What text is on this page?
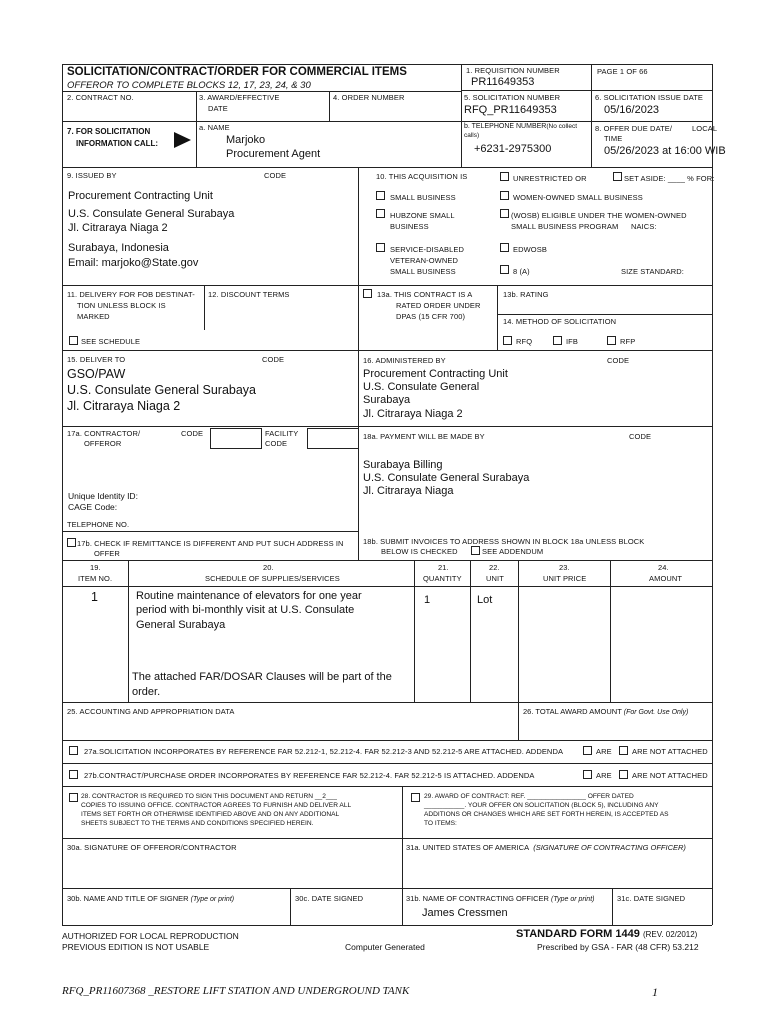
SOLICITATION/CONTRACT/ORDER FOR COMMERCIAL ITEMS
OFFEROR TO COMPLETE BLOCKS 12, 17, 23, 24, & 30
PAGE 1 OF 66
1. REQUISITION NUMBER
PR11649353
2. CONTRACT NO.	3. AWARD/EFFECTIVE
DATE
4. ORDER NUMBER	5. SOLICITATION NUMBER
RFQ_PR11649353
6. SOLICITATION ISSUE DATE
05/16/2023
7. FOR SOLICITATION
INFORMATION CALL:
a. NAME
Marjoko
Procurement Agent
b. TELEPHONE NUMBER(No collect
calls)
+6231-2975300
8. OFFER DUE DATE/	LOCAL
TIME
05/26/2023 at 16:00 WIB
9. ISSUED BY	CODE
Procurement Contracting Unit
U.S. Consulate General Surabaya
Jl. Citraraya Niaga 2
Surabaya, Indonesia
Email: marjoko@State.gov
10. THIS ACQUISITION IS	UNRESTRICTED OR	SET ASIDE: ____ % FOR:
SMALL BUSINESS	WOMEN-OWNED SMALL BUSINESS
HUBZONE SMALL
BUSINESS
(WOSB) ELIGIBLE UNDER THE WOMEN-OWNED
SMALL BUSINESS PROGRAM NAICS:
SERVICE-DISABLED
VETERAN-OWNED
SMALL BUSINESS
EDWOSB
8 (A)	SIZE STANDARD:
11. DELIVERY FOR FOB DESTINAT-
TION UNLESS BLOCK IS
MARKED
SEE SCHEDULE
12. DISCOUNT TERMS	13a. THIS CONTRACT IS A
RATED ORDER UNDER
DPAS (15 CFR 700)
13b. RATING
14. METHOD OF SOLICITATION
RFQ	IFB	RFP
15. DELIVER TO	CODE
GSO/PAW
U.S. Consulate General Surabaya
Jl. Citraraya Niaga 2
16. ADMINISTERED BY	CODE
Procurement Contracting Unit
U.S. Consulate General
Surabaya
Jl. Citraraya Niaga 2
17a. CONTRACTOR/
OFFEROR
CODE	FACILITY
CODE
Unique Identity ID:
CAGE Code:
TELEPHONE NO.
18a. PAYMENT WILL BE MADE BY	CODE
Surabaya Billing
U.S. Consulate General Surabaya
Jl. Citraraya Niaga
17b. CHECK IF REMITTANCE IS DIFFERENT AND PUT SUCH ADDRESS IN
OFFER
18b. SUBMIT INVOICES TO ADDRESS SHOWN IN BLOCK 18a UNLESS BLOCK
BELOW IS CHECKED	SEE ADDENDUM
19.
ITEM NO.
20.
SCHEDULE OF SUPPLIES/SERVICES
21.
QUANTITY
22.
UNIT
23.
UNIT PRICE
24.
AMOUNT
1	Routine maintenance of elevators for one year
period with bi-monthly visit at U.S. Consulate
General Surabaya
1	Lot
The attached FAR/DOSAR Clauses will be part of the
order.
25. ACCOUNTING AND APPROPRIATION DATA	26. TOTAL AWARD AMOUNT (For Govt. Use Only)
27a.SOLICITATION INCORPORATES BY REFERENCE FAR 52.212-1, 52.212-4. FAR 52.212-3 AND 52.212-5 ARE ATTACHED. ADDENDA	ARE	ARE NOT ATTACHED
27b.CONTRACT/PURCHASE ORDER INCORPORATES BY REFERENCE FAR 52.212-4. FAR 52.212-5 IS ATTACHED. ADDENDA	ARE	ARE NOT ATTACHED
28. CONTRACTOR IS REQUIRED TO SIGN THIS DOCUMENT AND RETURN __2___
COPIES TO ISSUING OFFICE. CONTRACTOR AGREES TO FURNISH AND DELIVER ALL
ITEMS SET FORTH OR OTHERWISE IDENTIFIED ABOVE AND ON ANY ADDITIONAL
SHEETS SUBJECT TO THE TERMS AND CONDITIONS SPECIFIED HEREIN.
29. AWARD OF CONTRACT: REF. ________________ OFFER DATED
___________. YOUR OFFER ON SOLICITATION (BLOCK 5), INCLUDING ANY
ADDITIONS OR CHANGES WHICH ARE SET FORTH HEREIN, IS ACCEPTED AS
TO ITEMS:
30a. SIGNATURE OF OFFEROR/CONTRACTOR	31a. UNITED STATES OF AMERICA (SIGNATURE OF CONTRACTING OFFICER)
30b. NAME AND TITLE OF SIGNER (Type or print)	30c. DATE SIGNED	31b. NAME OF CONTRACTING OFFICER (Type or print)
James Cressmen
31c. DATE SIGNED
AUTHORIZED FOR LOCAL REPRODUCTION
PREVIOUS EDITION IS NOT USABLE	Computer Generated
STANDARD FORM 1449 (REV. 02/2012)
Prescribed by GSA - FAR (48 CFR) 53.212
RFQ_PR11607368 _RESTORE LIFT STATION AND UNDERGROUND TANK	1
